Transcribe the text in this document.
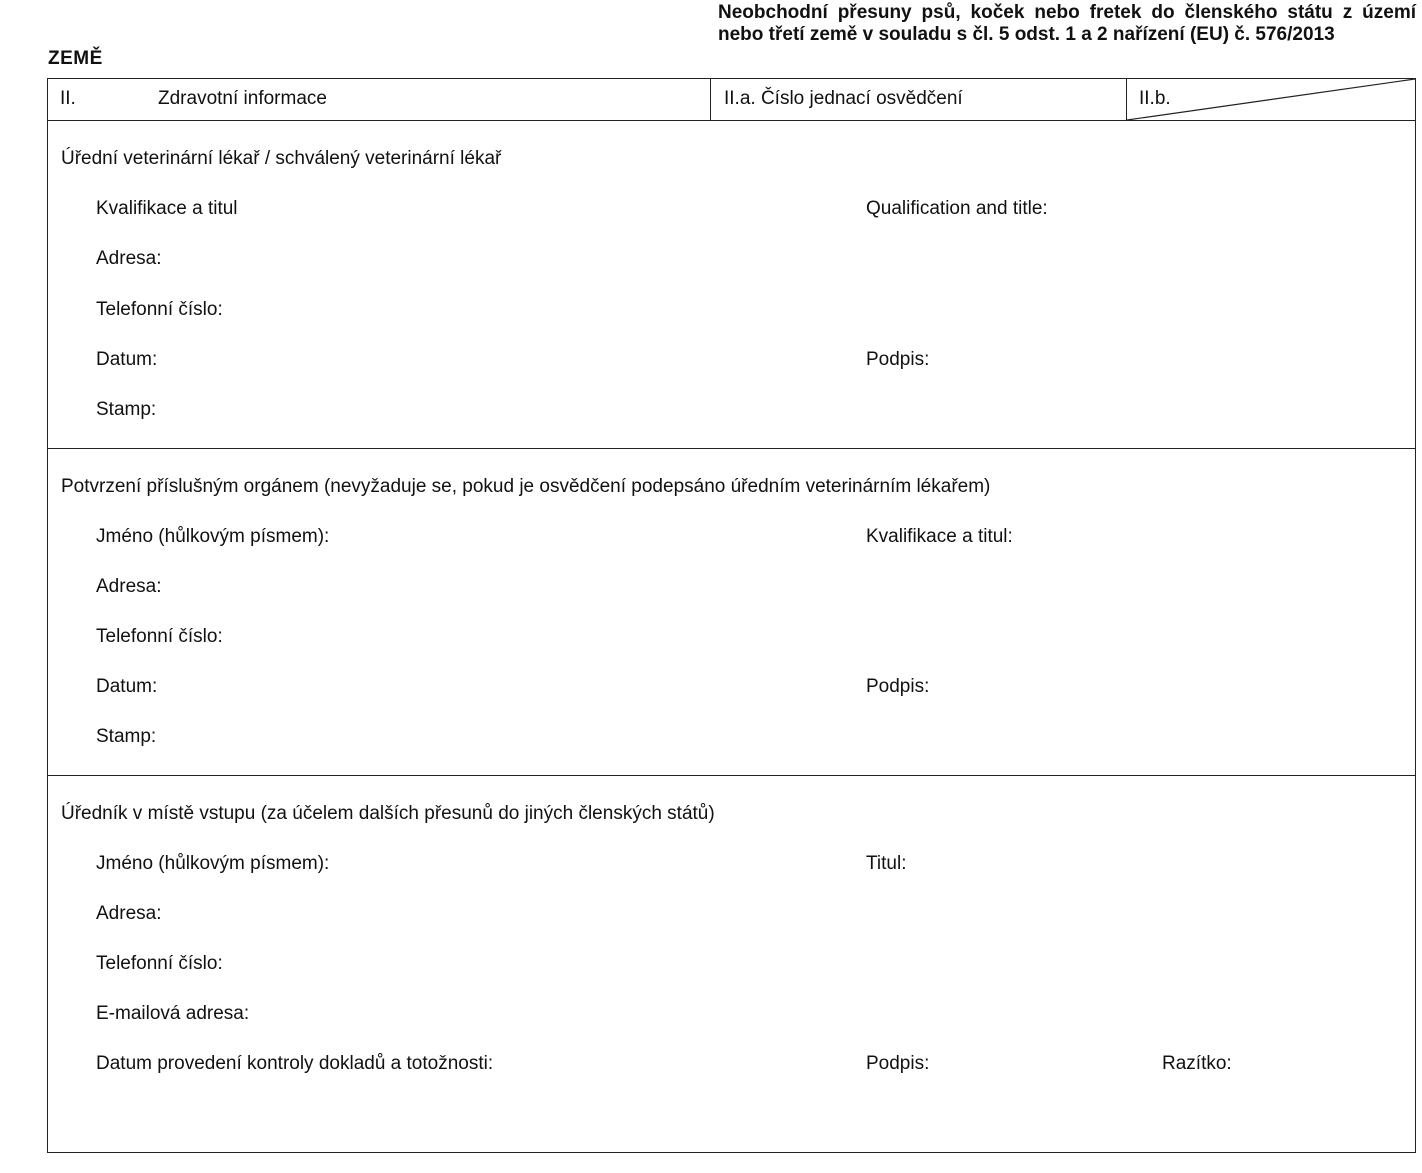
ZEMĚ
Neobchodní přesuny psů, koček nebo fretek do členského státu z území nebo třetí země v souladu s čl. 5 odst. 1 a 2 nařízení (EU) č. 576/2013
II.	Zdravotní informace	II.a. Číslo jednací osvědčení	II.b.
Úřední veterinární lékař / schválený veterinární lékař
Kvalifikace a titul	Qualification and title:
Adresa:
Telefonní číslo:
Datum:	Podpis:
Stamp:
Potvrzení příslušným orgánem (nevyžaduje se, pokud je osvědčení podepsáno úředním veterinárním lékařem)
Jméno (hůlkovým písmem):	Kvalifikace a titul:
Adresa:
Telefonní číslo:
Datum:	Podpis:
Stamp:
Úředník v místě vstupu (za účelem dalších přesunů do jiných členských států)
Jméno (hůlkovým písmem):	Titul:
Adresa:
Telefonní číslo:
E-mailová adresa:
Datum provedení kontroly dokladů a totožnosti:	Podpis:	Razítko:
